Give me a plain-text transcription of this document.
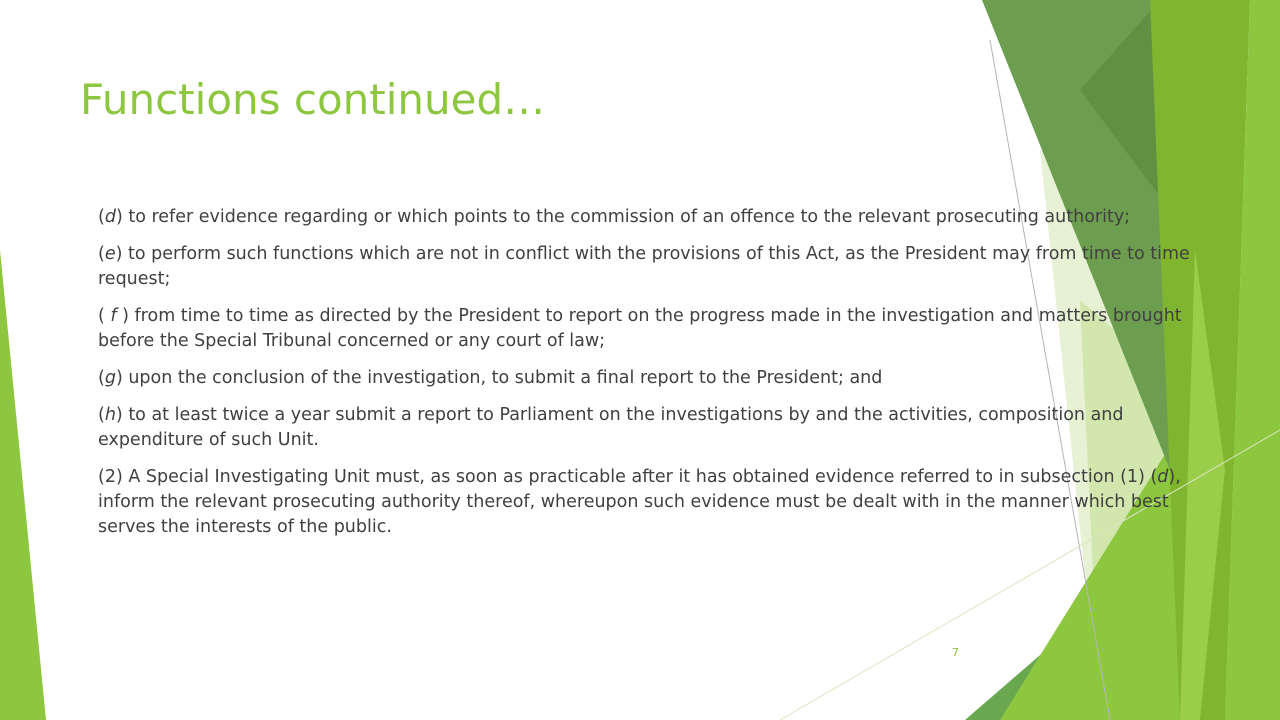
Functions continued…

(d) to refer evidence regarding or which points to the commission of an offence to the relevant prosecuting authority;

(e) to perform such functions which are not in conflict with the provisions of this Act, as the President may from time to time request;

( f ) from time to time as directed by the President to report on the progress made in the investigation and matters brought before the Special Tribunal concerned or any court of law;

(g) upon the conclusion of the investigation, to submit a final report to the President; and

(h) to at least twice a year submit a report to Parliament on the investigations by and the activities, composition and expenditure of such Unit.

(2) A Special Investigating Unit must, as soon as practicable after it has obtained evidence referred to in subsection (1) (d), inform the relevant prosecuting authority thereof, whereupon such evidence must be dealt with in the manner which best serves the interests of the public.

7
